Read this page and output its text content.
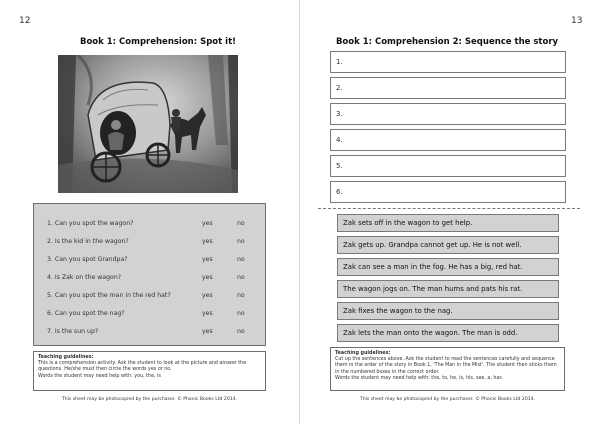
12
Book 1: Comprehension: Spot it!
1. Can you spot the wagon?	yes	no
2. Is the kid in the wagon?	yes	no
3. Can you spot Grandpa?	yes	no
4. Is Zak on the wagon?	yes	no
5. Can you spot the man in the red hat?	yes	no
6. Can you spot the nag?	yes	no
7. Is the sun up?	yes	no
Teaching guidelines:

This is a comprehension activity. Ask the student to look at the picture and answer the questions. He/she must then circle the words yes or no.

Words the student may need help with: you, the, is

This sheet may be photocopied by the purchaser. © Phonic Books Ltd 2014.
13
Book 1: Comprehension 2: Sequence the story
1.
2.
3.
4.
5.
6.
Zak sets off in the wagon to get help.
Zak gets up. Grandpa cannot get up. He is not well.
Zak can see a man in the fog. He has a big, red hat.
The wagon jogs on. The man hums and pats his rat.
Zak fixes the wagon to the nag.
Zak lets the man onto the wagon. The man is odd.
Teaching guidelines:

Cut up the sentences above. Ask the student to read the sentences carefully and sequence them in the order of the story in Book 1, 'The Man in the Mist'. The student then sticks them in the numbered boxes in the correct order.

Words the student may need help with: the, to, he, is, his, see, a, has

This sheet may be photocopied by the purchaser. © Phonic Books Ltd 2014.
